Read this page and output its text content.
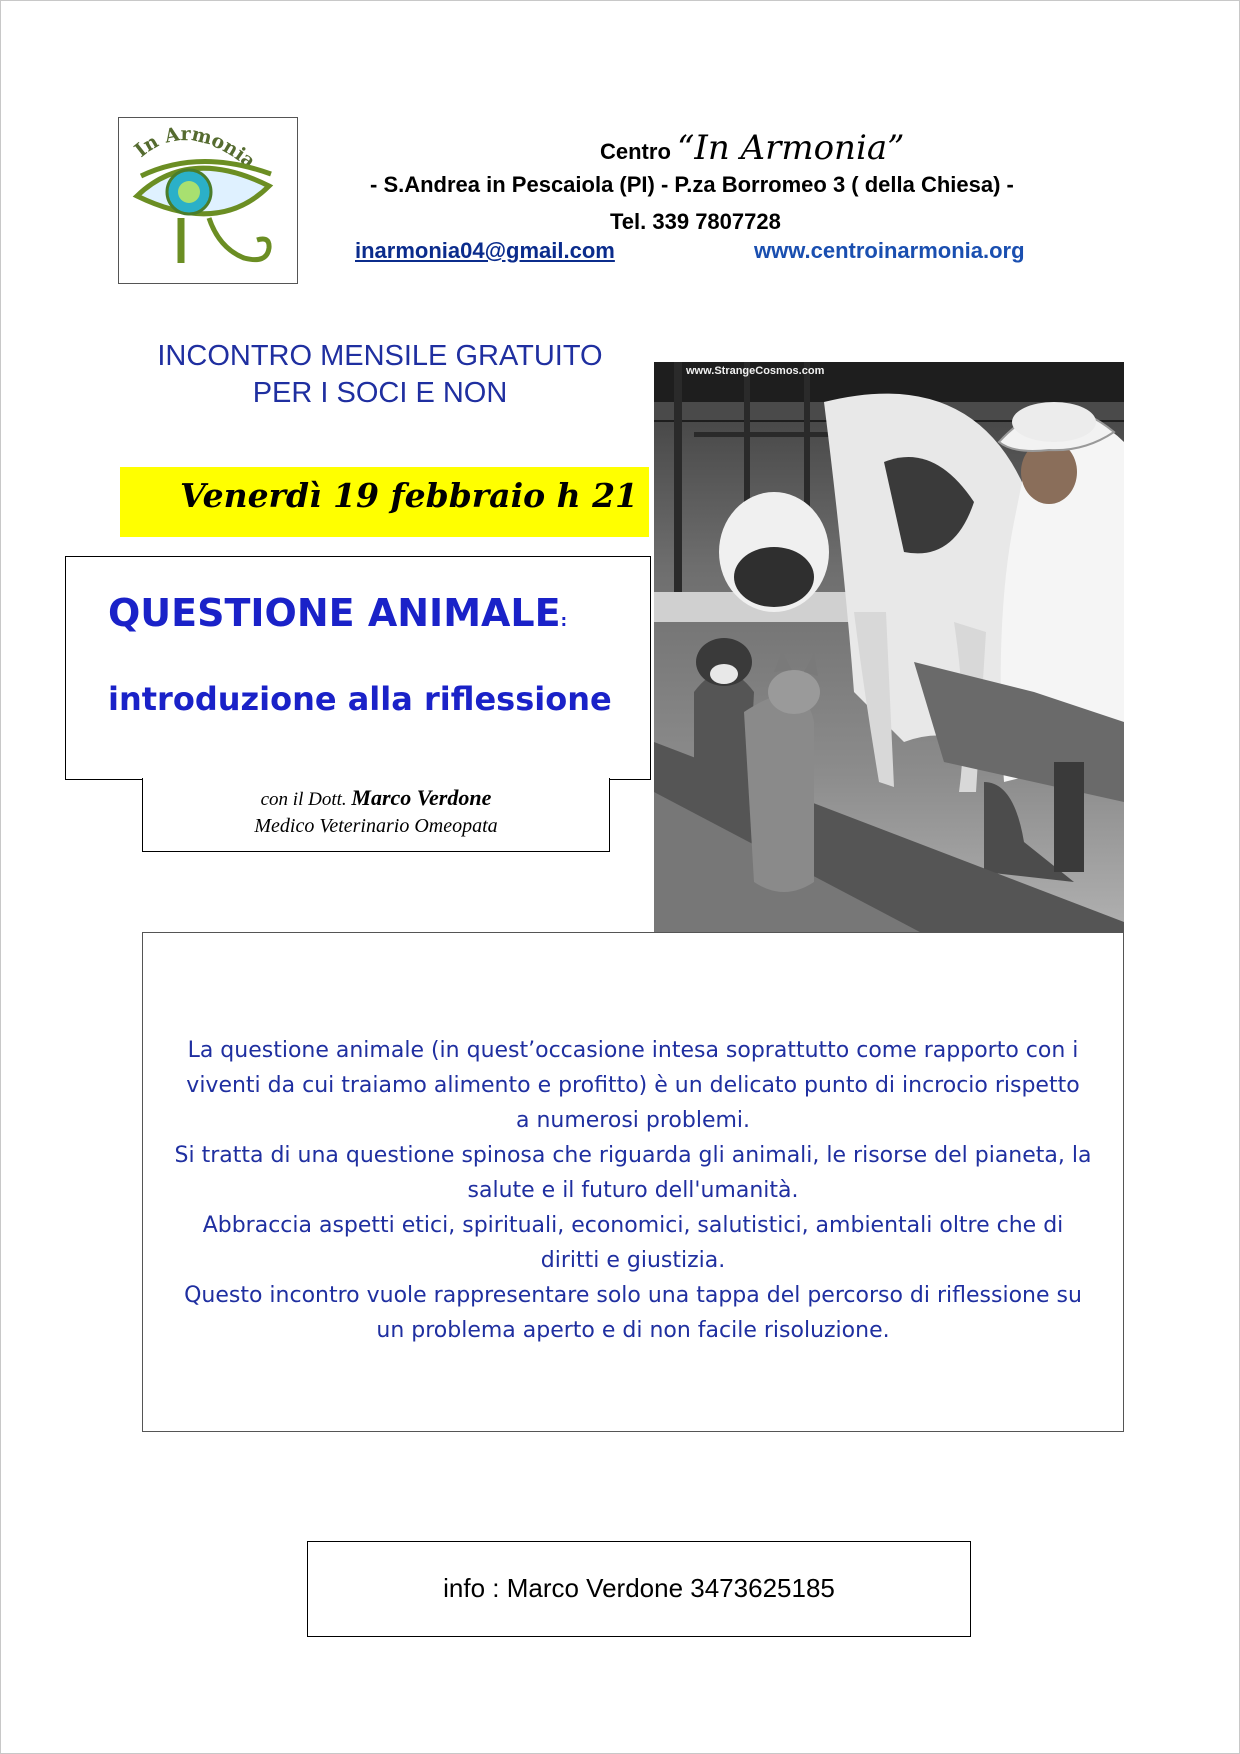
In Armonia	Centro “In Armonia”
- S.Andrea in Pescaiola (PI) - P.za Borromeo 3 ( della Chiesa) -
Tel. 339 7807728
inarmonia04@gmail.com	www.centroinarmonia.org
INCONTRO MENSILE GRATUITO
PER I SOCI E NON
Venerdì 19 febbraio h 21
QUESTIONE ANIMALE:
introduzione alla riflessione
con il Dott. Marco Verdone
Medico Veterinario Omeopata
www.StrangeCosmos.com
La questione animale (in quest’occasione intesa soprattutto come rapporto con i
viventi da cui traiamo alimento e profitto) è un delicato punto di incrocio rispetto
a numerosi problemi.
Si tratta di una questione spinosa che riguarda gli animali, le risorse del pianeta, la
salute e il futuro dell'umanità.
Abbraccia aspetti etici, spirituali, economici, salutistici, ambientali oltre che di
diritti e giustizia.
Questo incontro vuole rappresentare solo una tappa del percorso di riflessione su
un problema aperto e di non facile risoluzione.
info : Marco Verdone 3473625185
